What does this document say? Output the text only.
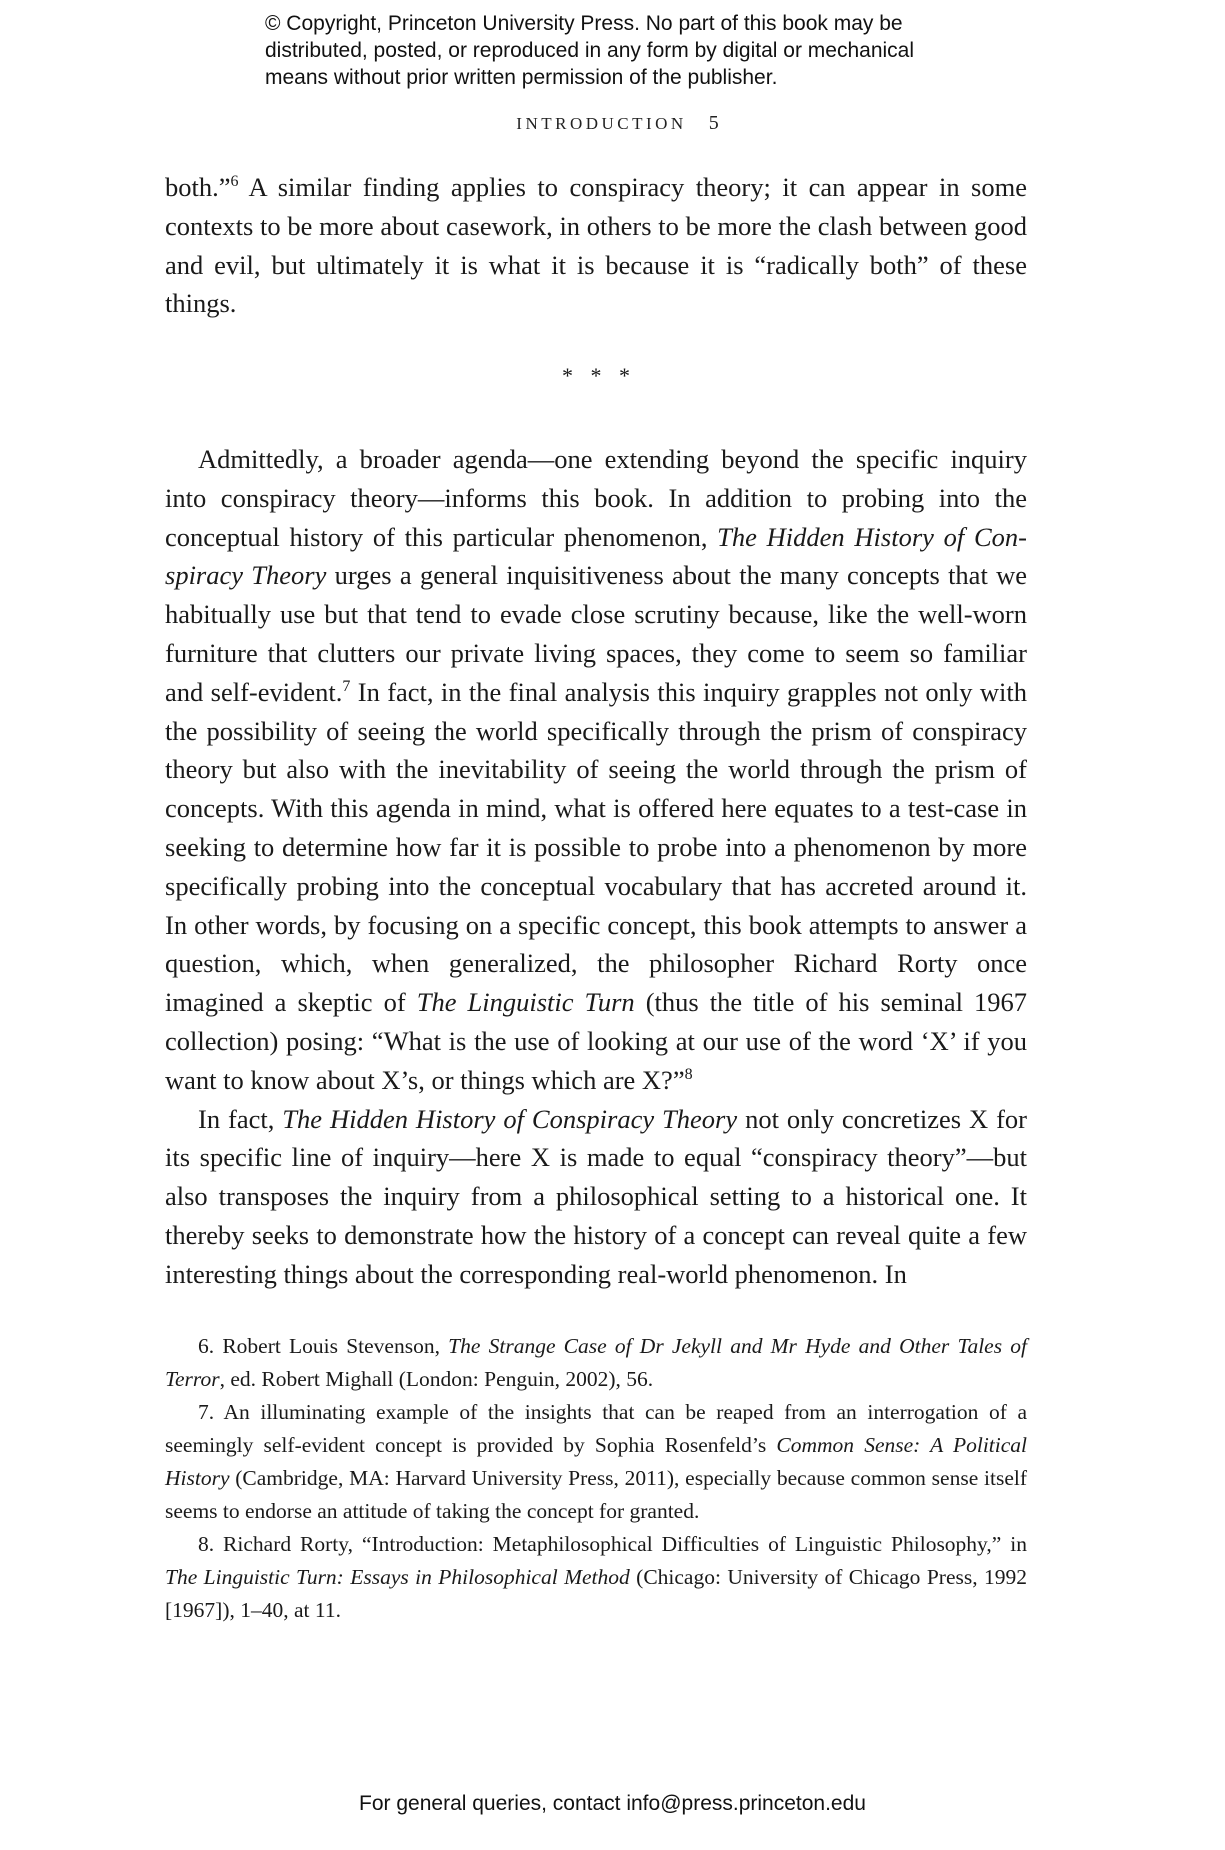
© Copyright, Princeton University Press. No part of this book may be
distributed, posted, or reproduced in any form by digital or mechanical
means without prior written permission of the publisher.
INTRODUCTION 5

both.”$^6$ A similar finding applies to conspiracy theory; it can appear in some contexts to be more about casework, in others to be more the clash between good and evil, but ultimately it is what it is because it is “radically both” of these things.

* * *

Admittedly, a broader agenda—one extending beyond the specific inquiry into conspiracy theory—informs this book. In addition to probing into the conceptual history of this particular phenomenon, The Hidden History of Conspiracy Theory urges a general inquisitiveness about the many concepts that we habitually use but that tend to evade close scrutiny because, like the well-worn furniture that clutters our private living spaces, they come to seem so familiar and self-evident.$^7$ In fact, in the final analysis this inquiry grapples not only with the possibility of seeing the world specifically through the prism of conspiracy theory but also with the inevitability of seeing the world through the prism of concepts. With this agenda in mind, what is offered here equates to a test-case in seeking to determine how far it is possible to probe into a phenomenon by more specifically probing into the conceptual vocabulary that has accreted around it. In other words, by focusing on a specific concept, this book attempts to answer a question, which, when generalized, the philosopher Richard Rorty once imagined a skeptic of The Linguistic Turn (thus the title of his seminal 1967 collection) posing: “What is the use of looking at our use of the word ‘X’ if you want to know about X’s, or things which are X?”$^8$

In fact, The Hidden History of Conspiracy Theory not only concretizes X for its specific line of inquiry—here X is made to equal “conspiracy theory”—but also transposes the inquiry from a philosophical setting to a historical one. It thereby seeks to demonstrate how the history of a concept can reveal quite a few interesting things about the corresponding real-world phenomenon. In

6. Robert Louis Stevenson, The Strange Case of Dr Jekyll and Mr Hyde and Other Tales of Terror, ed. Robert Mighall (London: Penguin, 2002), 56.

7. An illuminating example of the insights that can be reaped from an interrogation of a seemingly self-evident concept is provided by Sophia Rosenfeld’s Common Sense: A Political History (Cambridge, MA: Harvard University Press, 2011), especially because common sense itself seems to endorse an attitude of taking the concept for granted.

8. Richard Rorty, “Introduction: Metaphilosophical Difficulties of Linguistic Philosophy,” in The Linguistic Turn: Essays in Philosophical Method (Chicago: University of Chicago Press, 1992 [1967]), 1–40, at 11.

For general queries, contact info@press.princeton.edu
